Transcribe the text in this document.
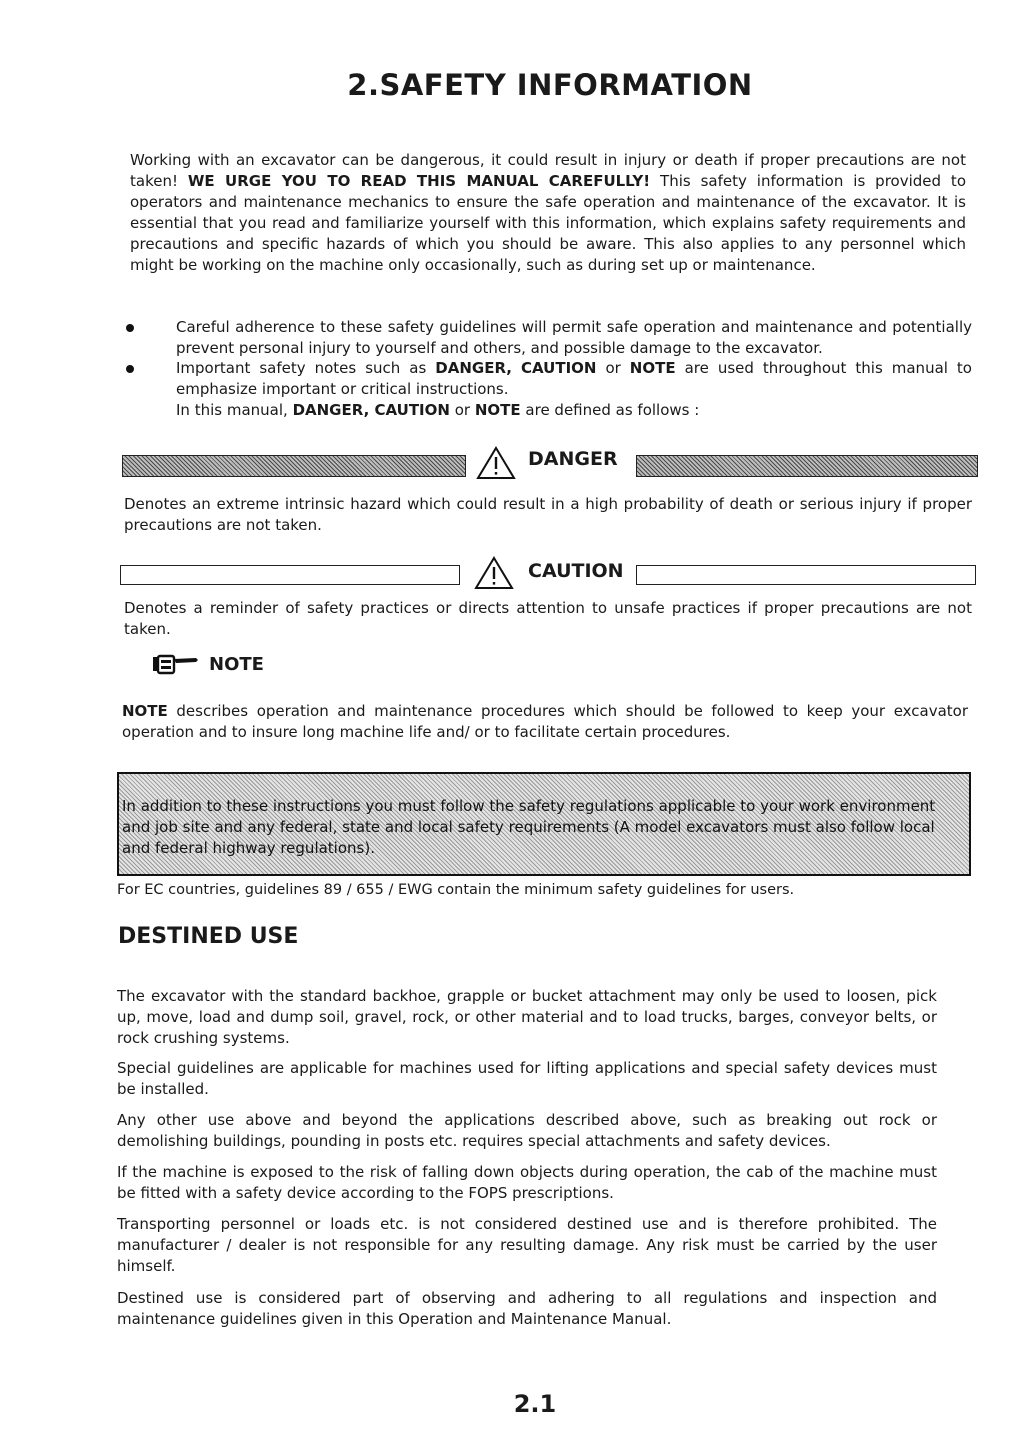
2.SAFETY INFORMATION
Working with an excavator can be dangerous, it could result in injury or death if proper precautions are not taken! WE URGE YOU TO READ THIS MANUAL CAREFULLY! This safety information is provided to operators and maintenance mechanics to ensure the safe operation and maintenance of the excavator. It is essential that you read and familiarize yourself with this information, which explains safety requirements and precautions and specific hazards of which you should be aware. This also applies to any personnel which might be working on the machine only occasionally, such as during set up or maintenance.
Careful adherence to these safety guidelines will permit safe operation and maintenance and potentially prevent personal injury to yourself and others, and possible damage to the excavator.
Important safety notes such as DANGER, CAUTION or NOTE are used throughout this manual to emphasize important or critical instructions.
In this manual, DANGER, CAUTION or NOTE are defined as follows :
DANGER
Denotes an extreme intrinsic hazard which could result in a high probability of death or serious injury if proper precautions are not taken.
CAUTION
Denotes a reminder of safety practices or directs attention to unsafe practices if proper precautions are not taken.
NOTE
NOTE describes operation and maintenance procedures which should be followed to keep your excavator operation and to insure long machine life and/ or to facilitate certain procedures.
In addition to these instructions you must follow the safety regulations applicable to your work environment and job site and any federal, state and local safety requirements (A model excavators must also follow local and federal highway regulations).
For EC countries, guidelines 89 / 655 / EWG contain the minimum safety guidelines for users.
DESTINED USE
The excavator with the standard backhoe, grapple or bucket attachment may only be used to loosen, pick up, move, load and dump soil, gravel, rock, or other material and to load trucks, barges, conveyor belts, or rock crushing systems.
Special guidelines are applicable for machines used for lifting applications and special safety devices must be installed.
Any other use above and beyond the applications described above, such as breaking out rock or demolishing buildings, pounding in posts etc. requires special attachments and safety devices.
If the machine is exposed to the risk of falling down objects during operation, the cab of the machine must be fitted with a safety device according to the FOPS prescriptions.
Transporting personnel or loads etc. is not considered destined use and is therefore prohibited. The manufacturer / dealer is not responsible for any resulting damage. Any risk must be carried by the user himself.
Destined use is considered part of observing and adhering to all regulations and inspection and maintenance guidelines given in this Operation and Maintenance Manual.
2.1
